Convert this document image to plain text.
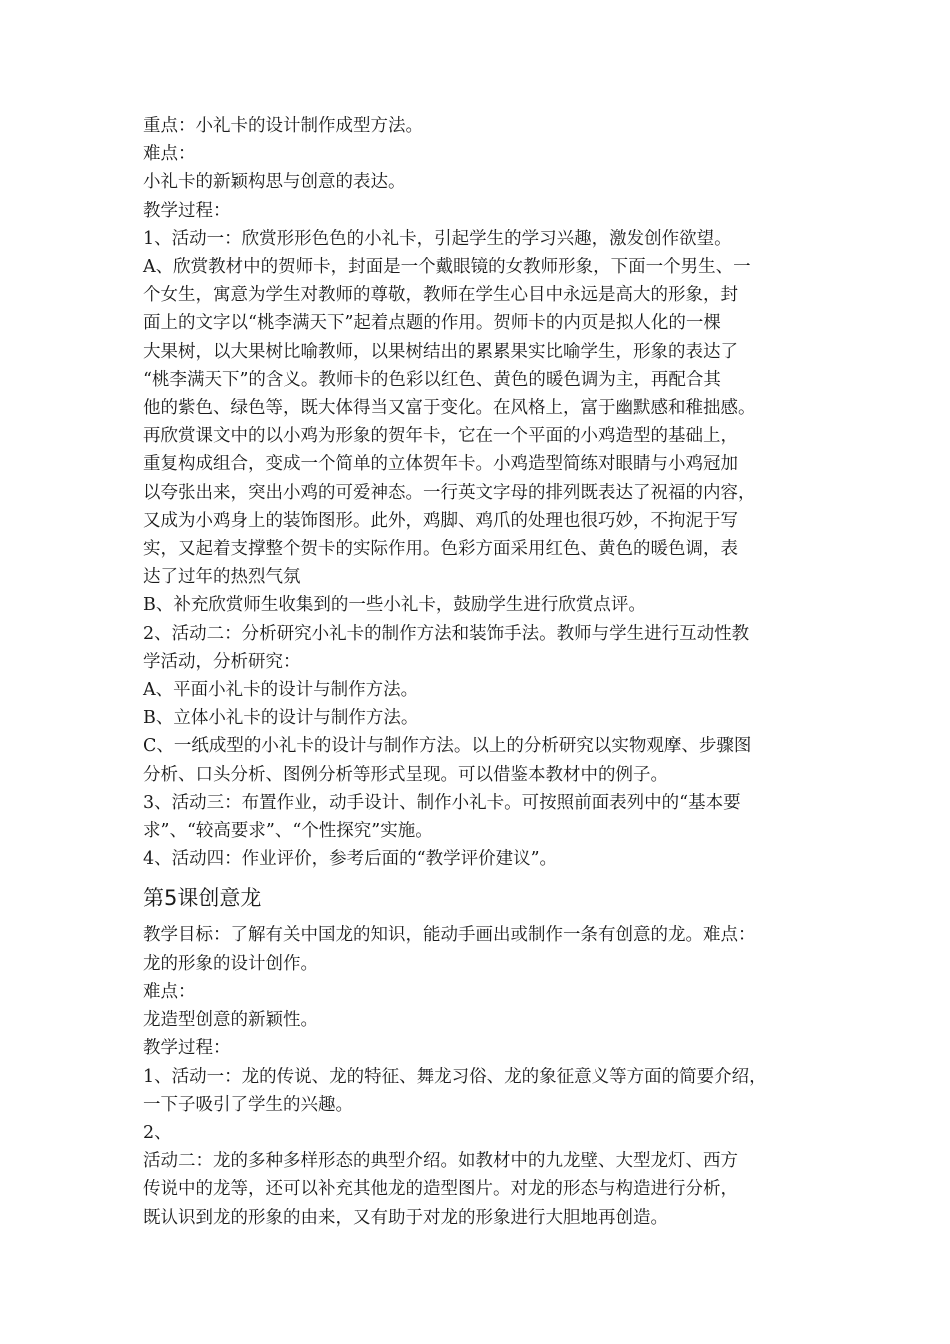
重点：小礼卡的设计制作成型方法。

难点：

小礼卡的新颖构思与创意的表达。

教学过程：

1、活动一：欣赏形形色色的小礼卡，引起学生的学习兴趣，激发创作欲望。

A、欣赏教材中的贺师卡，封面是一个戴眼镜的女教师形象，下面一个男生、一

个女生，寓意为学生对教师的尊敬，教师在学生心目中永远是高大的形象，封

面上的文字以“桃李满天下”起着点题的作用。贺师卡的内页是拟人化的一棵

大果树，以大果树比喻教师，以果树结出的累累果实比喻学生，形象的表达了

“桃李满天下”的含义。教师卡的色彩以红色、黄色的暖色调为主，再配合其

他的紫色、绿色等，既大体得当又富于变化。在风格上，富于幽默感和稚拙感。

再欣赏课文中的以小鸡为形象的贺年卡，它在一个平面的小鸡造型的基础上，

重复构成组合，变成一个简单的立体贺年卡。小鸡造型简练对眼睛与小鸡冠加

以夸张出来，突出小鸡的可爱神态。一行英文字母的排列既表达了祝福的内容，

又成为小鸡身上的装饰图形。此外，鸡脚、鸡爪的处理也很巧妙，不拘泥于写

实，又起着支撑整个贺卡的实际作用。色彩方面采用红色、黄色的暖色调，表

达了过年的热烈气氛

B、补充欣赏师生收集到的一些小礼卡，鼓励学生进行欣赏点评。

2、活动二：分析研究小礼卡的制作方法和装饰手法。教师与学生进行互动性教

学活动，分析研究：

A、平面小礼卡的设计与制作方法。

B、立体小礼卡的设计与制作方法。

C、一纸成型的小礼卡的设计与制作方法。以上的分析研究以实物观摩、步骤图

分析、口头分析、图例分析等形式呈现。可以借鉴本教材中的例子。

3、活动三：布置作业，动手设计、制作小礼卡。可按照前面表列中的“基本要

求”、“较高要求”、“个性探究”实施。

4、活动四：作业评价，参考后面的“教学评价建议”。

第5课创意龙

教学目标：了解有关中国龙的知识，能动手画出或制作一条有创意的龙。难点：

龙的形象的设计创作。

难点：

龙造型创意的新颖性。

教学过程：

1、活动一：龙的传说、龙的特征、舞龙习俗、龙的象征意义等方面的简要介绍，

一下子吸引了学生的兴趣。

2、

活动二：龙的多种多样形态的典型介绍。如教材中的九龙壁、大型龙灯、西方

传说中的龙等，还可以补充其他龙的造型图片。对龙的形态与构造进行分析，

既认识到龙的形象的由来，又有助于对龙的形象进行大胆地再创造。
